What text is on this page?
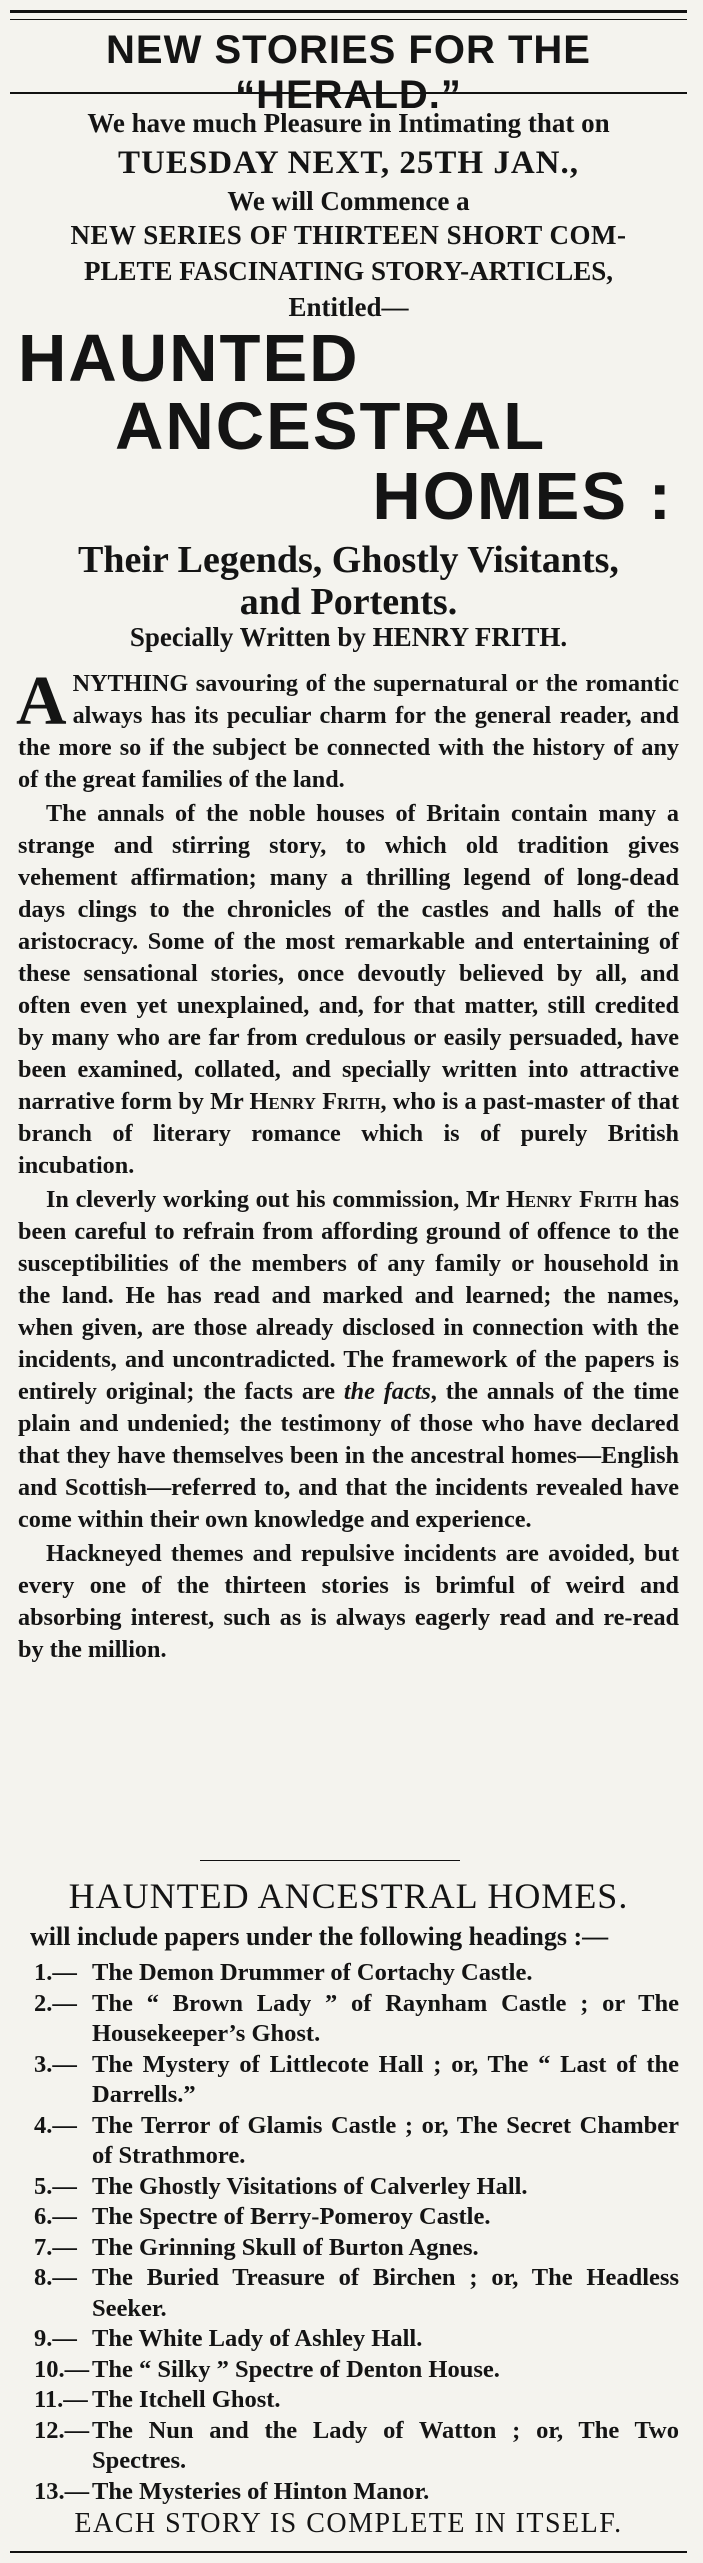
NEW STORIES FOR THE “HERALD.”
We have much Pleasure in Intimating that on
TUESDAY NEXT, 25TH JAN.,
We will Commence a
NEW SERIES OF THIRTEEN SHORT COM-
PLETE FASCINATING STORY-ARTICLES,
Entitled—
HAUNTED
ANCESTRAL
HOMES :
Their Legends, Ghostly Visitants,
and Portents.
Specially Written by HENRY FRITH.

ANYTHING savouring of the supernatural or the romantic always has its peculiar charm for the general reader, and the more so if the subject be connected with the history of any of the great families of the land.

The annals of the noble houses of Britain contain many a strange and stirring story, to which old tradition gives vehement affirmation; many a thrilling legend of long-dead days clings to the chronicles of the castles and halls of the aristocracy. Some of the most remarkable and entertaining of these sensational stories, once devoutly believed by all, and often even yet unexplained, and, for that matter, still credited by many who are far from credulous or easily persuaded, have been examined, collated, and specially written into attractive narrative form by Mr Henry Frith, who is a past-master of that branch of literary romance which is of purely British incubation.

In cleverly working out his commission, Mr Henry Frith has been careful to refrain from affording ground of offence to the susceptibilities of the members of any family or household in the land. He has read and marked and learned; the names, when given, are those already disclosed in connection with the incidents, and uncontradicted. The framework of the papers is entirely original; the facts are the facts, the annals of the time plain and undenied; the testimony of those who have declared that they have themselves been in the ancestral homes—English and Scottish—referred to, and that the incidents revealed have come within their own knowledge and experience.

Hackneyed themes and repulsive incidents are avoided, but every one of the thirteen stories is brimful of weird and absorbing interest, such as is always eagerly read and re-read by the million.

HAUNTED ANCESTRAL HOMES.
will include papers under the following headings :—
1.— The Demon Drummer of Cortachy Castle.
2.— The “ Brown Lady ” of Raynham Castle ; or The Housekeeper’s Ghost.
3.— The Mystery of Littlecote Hall ; or, The “ Last of the Darrells.”
4.— The Terror of Glamis Castle ; or, The Secret Chamber of Strathmore.
5.— The Ghostly Visitations of Calverley Hall.
6.— The Spectre of Berry-Pomeroy Castle.
7.— The Grinning Skull of Burton Agnes.
8.— The Buried Treasure of Birchen ; or, The Headless Seeker.
9.— The White Lady of Ashley Hall.
10.— The “ Silky ” Spectre of Denton House.
11.— The Itchell Ghost.
12.— The Nun and the Lady of Watton ; or, The Two Spectres.
13.— The Mysteries of Hinton Manor.
EACH STORY IS COMPLETE IN ITSELF.
